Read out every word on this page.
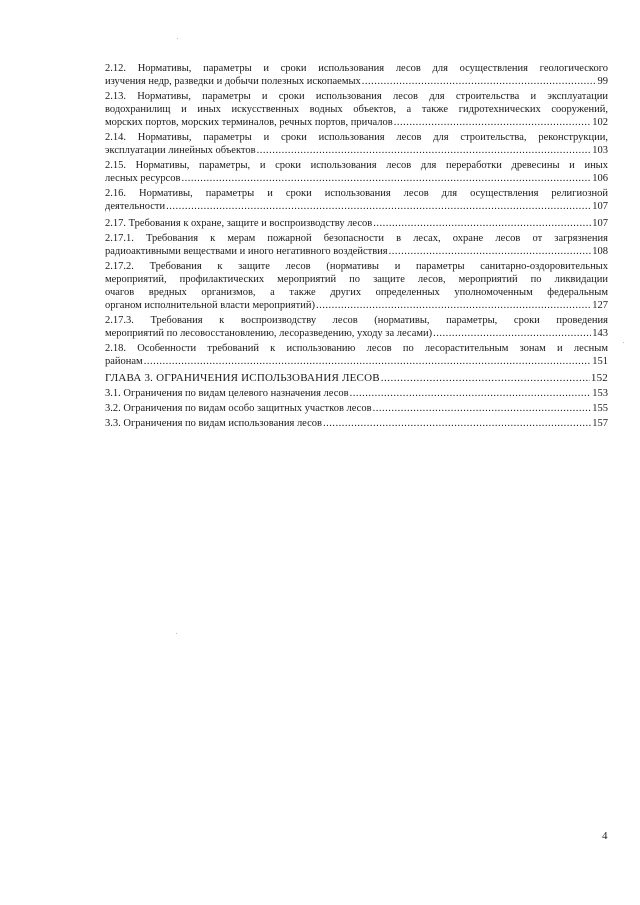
2.12. Нормативы, параметры и сроки использования лесов для осуществления геологического
изучения недр, разведки и добычи полезных ископаемых .....	99
2.13. Нормативы, параметры и сроки использования лесов для строительства и эксплуатации
водохранилищ и иных искусственных водных объектов, а также гидротехнических сооружений,
морских портов, морских терминалов, речных портов, причалов .....	102
2.14. Нормативы, параметры и сроки использования лесов для строительства, реконструкции,
эксплуатации линейных объектов .....	103
2.15. Нормативы, параметры, и сроки использования лесов для переработки древесины и иных
лесных ресурсов .....	106
2.16. Нормативы, параметры и сроки использования лесов для осуществления религиозной
деятельности .....	107
2.17. Требования к охране, защите и воспроизводству лесов .....	107
2.17.1. Требования к мерам пожарной безопасности в лесах, охране лесов от загрязнения
радиоактивными веществами и иного негативного воздействия .....	108
2.17.2. Требования к защите лесов (нормативы и параметры санитарно-оздоровительных
мероприятий, профилактических мероприятий по защите лесов, мероприятий по ликвидации
очагов вредных организмов, а также других определенных уполномоченным федеральным
органом исполнительной власти мероприятий) .....	127
2.17.3. Требования к воспроизводству лесов (нормативы, параметры, сроки проведения
мероприятий по лесовосстановлению, лесоразведению, уходу за лесами) .....	143
2.18. Особенности требований к использованию лесов по лесорастительным зонам и лесным
районам .....	151
ГЛАВА 3. ОГРАНИЧЕНИЯ ИСПОЛЬЗОВАНИЯ ЛЕСОВ .....	152
3.1. Ограничения по видам целевого назначения лесов .....	153
3.2. Ограничения по видам особо защитных участков лесов .....	155
3.3. Ограничения по видам использования лесов .....	157
4
